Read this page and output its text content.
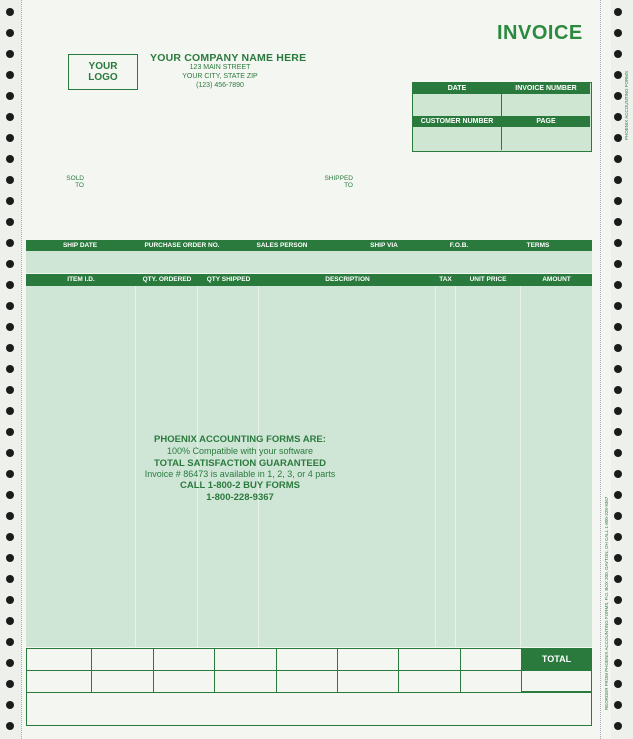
YOUR LOGO
YOUR COMPANY NAME HERE
123 MAIN STREET
YOUR CITY, STATE ZIP
(123) 456-7890
INVOICE
DATE	INVOICE NUMBER
CUSTOMER NUMBER	PAGE
SOLD
TO
SHIPPED
TO
SHIP DATE	PURCHASE ORDER NO.	SALES PERSON	SHIP VIA	F.O.B.	TERMS
ITEM I.D.	QTY. ORDERED	QTY SHIPPED	DESCRIPTION	TAX	UNIT PRICE	AMOUNT
PHOENIX ACCOUNTING FORMS ARE:
100% Compatible with your software
TOTAL SATISFACTION GUARANTEED
Invoice # 86473 is available in 1, 2, 3, or 4 parts
CALL 1-800-2 BUY FORMS
1-800-228-9367
TOTAL
PHOENIX ACCOUNTING FORMS
REORDER FROM PHOENIX ACCOUNTING FORMS, P.O. BOX 200, DAYTON, OH CALL 1-800-228-9367
